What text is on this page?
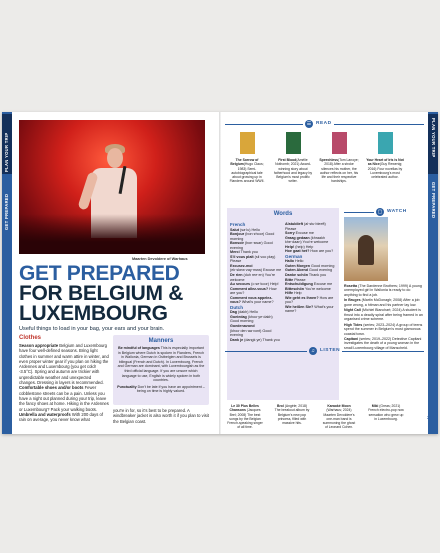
PLAN YOUR TRIP
GET PREPARED
PLAN YOUR TRIP
GET PREPARED
Maarten Devoldere of Warhaus
GET PREPARED
FOR BELGIUM &
LUXEMBOURG
Useful things to load in your bag, your ears and your brain.
Clothes
Season appropriate Belgium and Luxembourg have four well-defined seasons. Bring light clothes in summer and warm attire in winter, and even proper winter gear if you plan on hiking the Ardennes and Luxembourg (you get cold! -3.5°C). Spring and autumn are trickier with unpredictable weather and unexpected changes. Dressing in layers is recommended.
Comfortable shoes and/or boots Fewer cobblestone streets can be a pain. Unless you have a night out planned during your trip, leave the fancy shoes at home. Hiking in the Ardennes or Luxembourg? Pack your walking boots.
Umbrella and waterproofs With 200 days of rain on average, you never know what
Manners

Be mindful of languages This is especially important in Belgium where Dutch is spoken in Flanders, French in Wallonia, German in Ostbelgien and Brussels is bilingual (French and Dutch). In Luxembourg, French and German are dominant, with Luxembourgish as the third official language. If you are unsure which language to use, English is widely spoken in both countries.

Punctuality Don't be late if you have an appointment – being on time is highly valued.

you're in for, so it's best to be prepared. A windbreaker jacket is also worth it if you plan to visit the Belgian coast.
30	31
☰ READ
The Sorrow of Belgium(Hugo Claus; 1983) Semi-autobiographical tale about growing up in Flanders around WWII.
First Blood(Amélie Nothomb; 2021) Award-winning story about fatherhood and legacy by Belgium's most prolific writer.
Speechless(Tom Lanoye; 2018) After a stroke silences his mother, the author reflects on her, his life and their respective hardships.
Your Heart of Iris is Not as Nice(Guy Rewenig; 2016) Four novellas by Luxembourg's most celebrated author.
Words
French
Salut (sa·lu) Hello
Bonjour (bon·zhoor) Good morning
Bonsoir (bon·swar) Good evening
Merci Thank you
S'il vous plaît (sil voo play) Please
Excusez-moi (ek·skew·zay·mwa) Excuse me
De rien (duh ree·en) You're welcome
Au secours (o se·koor) Help!
Comment allez-vous? How are you?
Comment vous appelez-vous? What's your name?
Dutch
Dag (dakh) Hello
Goeiedag (khoo·ye·dakh) Good morning
Goedenavond (khoo·den·aa·vont) Good evening
Dank je (dangk ye) Thank you
Alstublieft (al·stu·bleeft) Please
Sorry Excuse me
Graag gedaan (khraakh khe·daan) You're welcome
Help! (help) Help
Hoe gaat het? How are you?
German
Hallo Hello
Guten Morgen Good morning
Guten Abend Good evening
Danke schön Thank you
Bitte Please
Entschuldigung Excuse me
Bitteschön You're welcome
Hilfe Help
Wie geht es Ihnen? How are you?
Wie heißen Sie? What's your name?
▢ WATCH
Rosetta (The Dardenne Brothers; 1999) A young unemployed girl in Wallonia is ready to do anything to find a job.
In Bruges (Martin McDonagh; 2008) After a job gone wrong, a hitman and his partner lay low.
Night Call (Michiel Blanchart; 2024) A student is thrust into a deadly spiral after being framed in an organised crime scheme.
High Tides (series; 2023–2024) A group of teens spend the summer in Belgium's most glamorous coastal town.
Capitani (series; 2019–2022) Detective Capitani investigates the death of a young woman in the small Luxembourg village of Manscheid.
♫	LISTEN
Le 30 Plus Belles Chansons (Jacques Brel; 2008) The best songs by the Belgian French-speaking singer of all time.
Brol (Angèle; 2018) The breakout album by Belgium's new pop princess, filled with massive hits.
Karaoké Moon (Warhaus; 2024) Maarten Devoldere's one-man band is summoning the ghost of Leonard Cohen.
Miki (Greas; 2021) French electro-pop now sensation who grew up in Luxembourg.
